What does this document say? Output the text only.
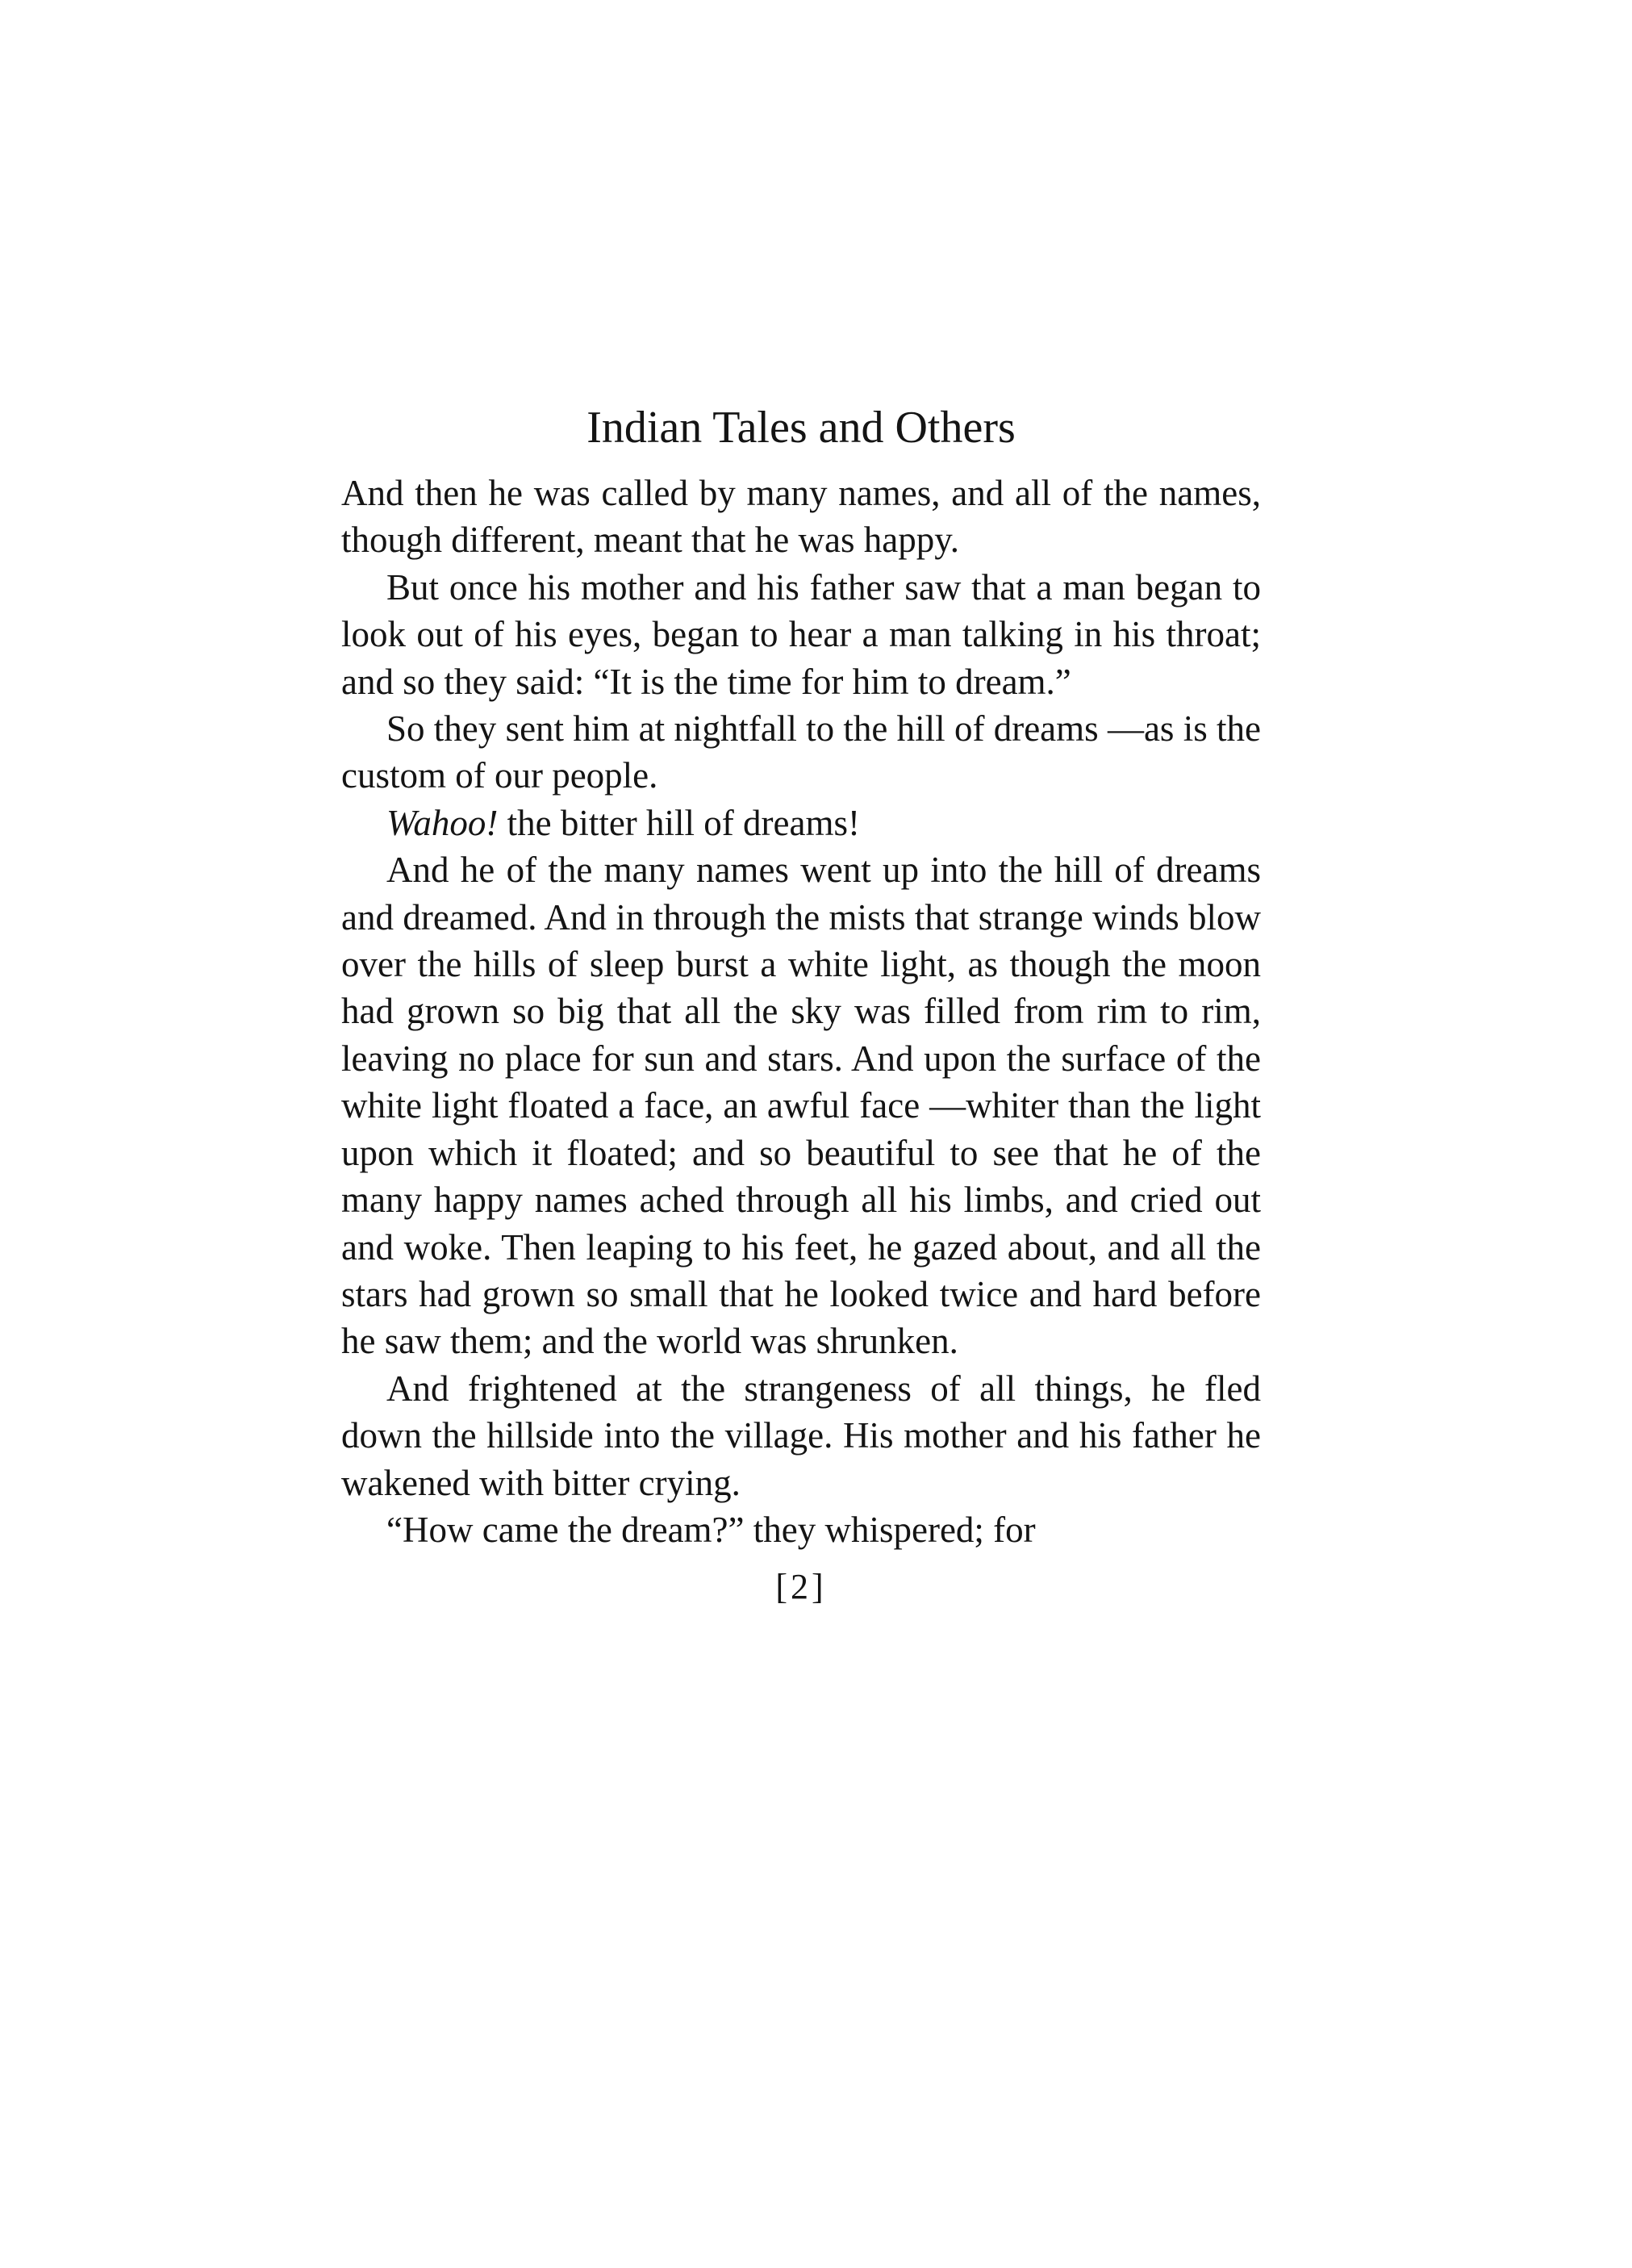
Indian Tales and Others

And then he was called by many names, and all of the names, though different, meant that he was happy.

But once his mother and his father saw that a man began to look out of his eyes, began to hear a man talking in his throat; and so they said: “It is the time for him to dream.”

So they sent him at nightfall to the hill of dreams —as is the custom of our people.

Wahoo! the bitter hill of dreams!

And he of the many names went up into the hill of dreams and dreamed. And in through the mists that strange winds blow over the hills of sleep burst a white light, as though the moon had grown so big that all the sky was filled from rim to rim, leaving no place for sun and stars. And upon the surface of the white light floated a face, an awful face —whiter than the light upon which it floated; and so beautiful to see that he of the many happy names ached through all his limbs, and cried out and woke. Then leaping to his feet, he gazed about, and all the stars had grown so small that he looked twice and hard before he saw them; and the world was shrunken.

And frightened at the strangeness of all things, he fled down the hillside into the village. His mother and his father he wakened with bitter crying.

“How came the dream?” they whispered; for

[2]
